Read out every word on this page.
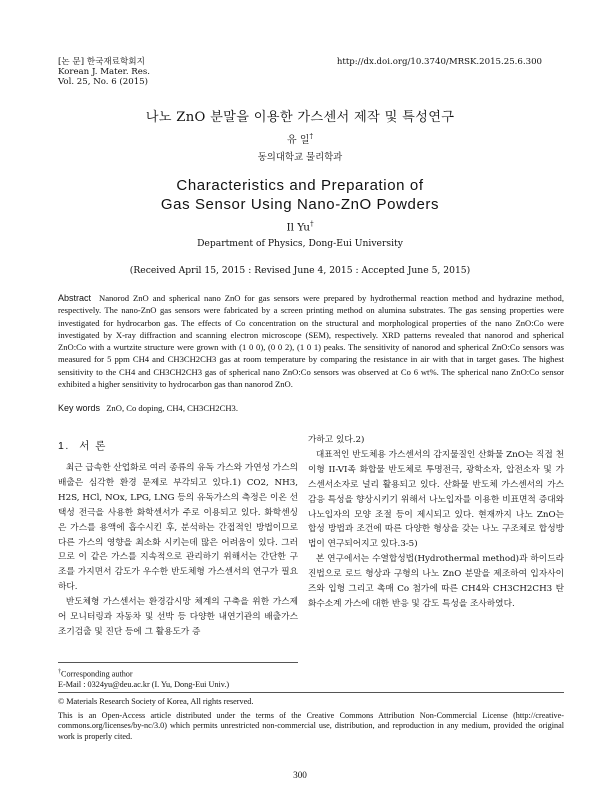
[논 문] 한국재료학회지
Korean J. Mater. Res.
Vol. 25, No. 6 (2015)
http://dx.doi.org/10.3740/MRSK.2015.25.6.300
나노 ZnO 분말을 이용한 가스센서 제작 및 특성연구
유 일†
동의대학교 물리학과
Characteristics and Preparation of
Gas Sensor Using Nano-ZnO Powders
Il Yu†
Department of Physics, Dong-Eui University
(Received April 15, 2015 : Revised June 4, 2015 : Accepted June 5, 2015)
Abstract Nanorod ZnO and spherical nano ZnO for gas sensors were prepared by hydrothermal reaction method and hydrazine method, respectively. The nano-ZnO gas sensors were fabricated by a screen printing method on alumina substrates. The gas sensing properties were investigated for hydrocarbon gas. The effects of Co concentration on the structural and morphological properties of the nano ZnO:Co were investigated by X-ray diffraction and scanning electron microscope (SEM), respectively. XRD patterns revealed that nanorod and spherical ZnO:Co with a wurtzite structure were grown with (1 0 0), (0 0 2), (1 0 1) peaks. The sensitivity of nanorod and spherical ZnO:Co sensors was measured for 5 ppm CH4 and CH3CH2CH3 gas at room temperature by comparing the resistance in air with that in target gases. The highest sensitivity to the CH4 and CH3CH2CH3 gas of spherical nano ZnO:Co sensors was observed at Co 6 wt%. The spherical nano ZnO:Co sensor exhibited a higher sensitivity to hydrocarbon gas than nanorod ZnO.
Key words ZnO, Co doping, CH4, CH3CH2CH3.
1. 서 론

최근 급속한 산업화로 여러 종류의 유독 가스와 가연성 가스의 배출은 심각한 환경 문제로 부각되고 있다.1) CO2, NH3, H2S, HCl, NOx, LPG, LNG 등의 유독가스의 측정은 이온 선택성 전극을 사용한 화학센서가 주로 이용되고 있다. 화학센싱은 가스를 용액에 흡수시킨 후, 분석하는 간접적인 방법이므로 다른 가스의 영향을 최소화 시키는데 많은 어려움이 있다. 그러므로 이 같은 가스를 지속적으로 관리하기 위해서는 간단한 구조를 가지면서 감도가 우수한 반도체형 가스센서의 연구가 필요하다.

반도체형 가스센서는 환경감시망 체계의 구축을 위한 가스제어 모니터링과 자동차 및 선박 등 다양한 내연기관의 배출가스 조기검출 및 진단 등에 그 활용도가 증

가하고 있다.2)

대표적인 반도체용 가스센서의 감지물질인 산화물 ZnO는 직접 천이형 II-VI족 화합물 반도체로 투명전극, 광학소자, 압전소자 및 가스센서소자로 널리 활용되고 있다. 산화물 반도체 가스센서의 가스감응 특성을 향상시키기 위해서 나노입자를 이용한 비표면적 증대와 나노입자의 모양 조절 등이 제시되고 있다. 현재까지 나노 ZnO는 합성 방법과 조건에 따른 다양한 형상을 갖는 나노 구조체로 합성방법이 연구되어지고 있다.3-5)

본 연구에서는 수열합성법(Hydrothermal method)과 하이드라진법으로 로드 형상과 구형의 나노 ZnO 분말을 제조하여 입자사이즈와 입형 그리고 촉매 Co 첨가에 따른 CH4와 CH3CH2CH3 탄화수소계 가스에 대한 반응 및 감도 특성을 조사하였다.

†Corresponding author
E-Mail : 0324yu@deu.ac.kr (I. Yu, Dong-Eui Univ.)
© Materials Research Society of Korea, All rights reserved.
This is an Open-Access article distributed under the terms of the Creative Commons Attribution Non-Commercial License (http://creative-commons.org/licenses/by-nc/3.0) which permits unrestricted non-commercial use, distribution, and reproduction in any medium, provided the original work is properly cited.
300
